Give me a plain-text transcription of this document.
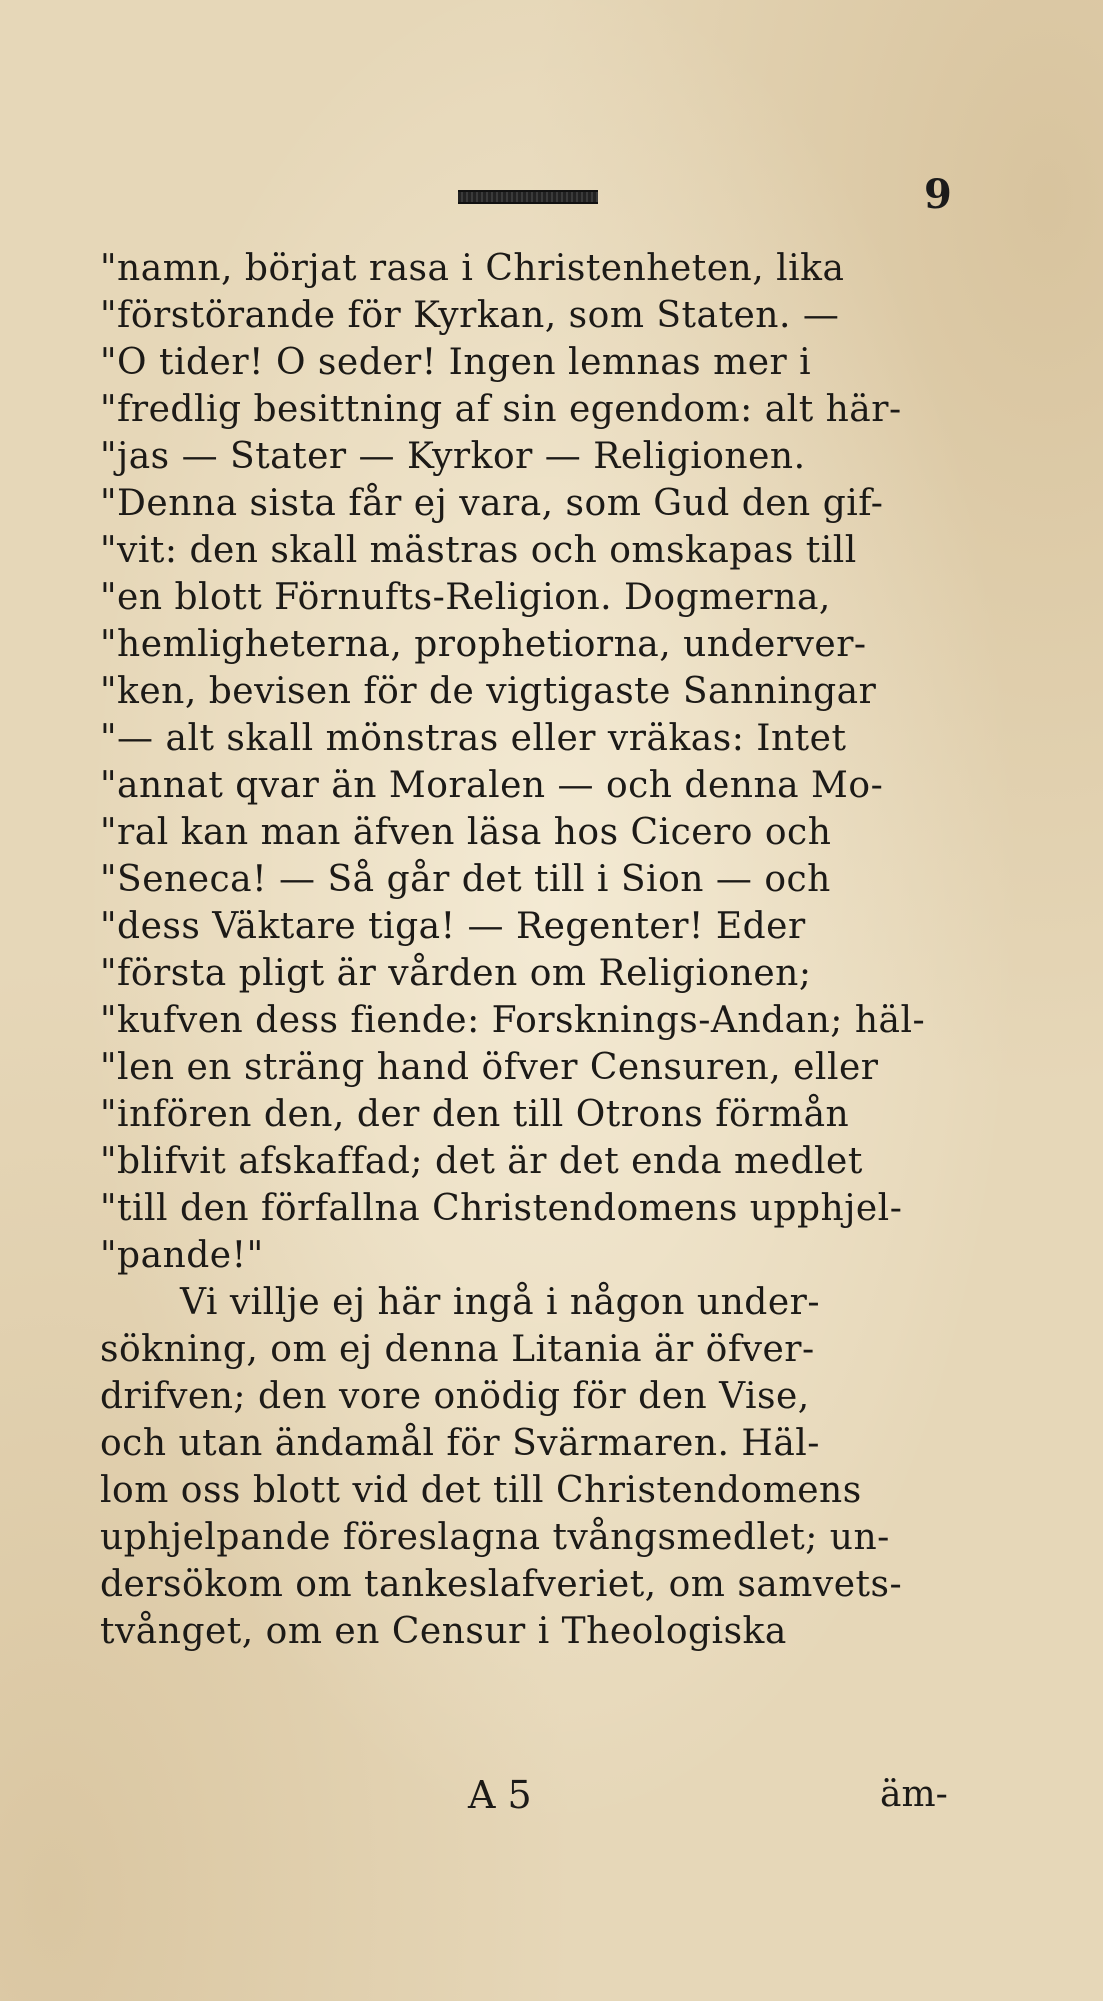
9
"namn, börjat rasa i Christenheten, lika
"förstörande för Kyrkan, som Staten. —
"O tider! O seder! Ingen lemnas mer i
"fredlig besittning af sin egendom: alt här-
"jas — Stater — Kyrkor — Religionen.
"Denna sista får ej vara, som Gud den gif-
"vit: den skall mästras och omskapas till
"en blott Förnufts-Religion. Dogmerna,
"hemligheterna, prophetiorna, underver-
"ken, bevisen för de vigtigaste Sanningar
"— alt skall mönstras eller vräkas: Intet
"annat qvar än Moralen — och denna Mo-
"ral kan man äfven läsa hos Cicero och
"Seneca! — Så går det till i Sion — och
"dess Väktare tiga! — Regenter! Eder
"första pligt är vården om Religionen;
"kufven dess fiende: Forsknings-Andan; häl-
"len en sträng hand öfver Censuren, eller
"infören den, der den till Otrons förmån
"blifvit afskaffad; det är det enda medlet
"till den förfallna Christendomens upphjel-
"pande!"
Vi villje ej här ingå i någon under-
sökning, om ej denna Litania är öfver-
drifven; den vore onödig för den Vise,
och utan ändamål för Svärmaren. Häl-
lom oss blott vid det till Christendomens
uphjelpande föreslagna tvångsmedlet; un-
dersökom om tankeslafveriet, om samvets-
tvånget, om en Censur i Theologiska
A 5	äm-
